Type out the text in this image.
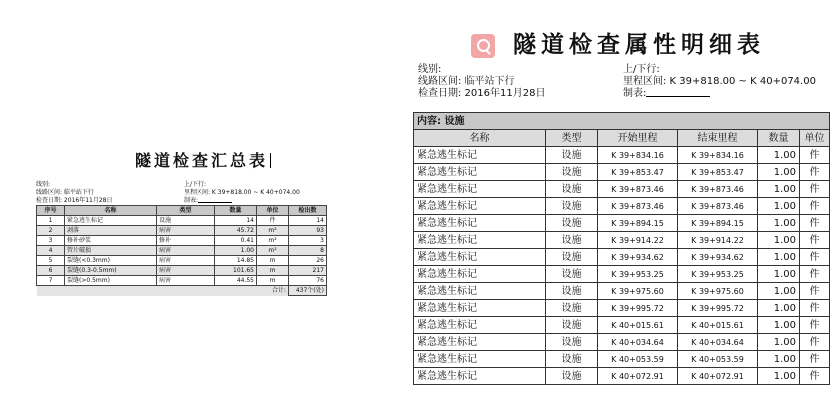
隧道检查汇总表
线别:
线路区间: 临平站下行
检查日期: 2016年11月28日
上/下行:
里程区间: K 39+818.00 ~ K 40+074.00
制表:
序号	名称	类型	数量	单位	检出数
1	紧急逃生标记	设施	14	件	14
2	剥落	病害	45.72	m²	93
3	修补砂浆	修补	0.41	m²	3
4	管片破损	病害	1.00	m²	8
5	裂缝(<0.3mm)	病害	14.85	m	26
6	裂缝(0.3-0.5mm)	病害	101.65	m	217
7	裂缝(>0.5mm)	病害	44.55	m	76
合计:					437个(处)
隧道检查属性明细表
线别:
线路区间: 临平站下行
检查日期: 2016年11月28日
上/下行:
里程区间: K 39+818.00 ~ K 40+074.00
制表:
内容: 设施					
名称	类型	开始里程	结束里程	数量	单位
紧急逃生标记	设施	K 39+834.16	K 39+834.16	1.00	件
紧急逃生标记	设施	K 39+853.47	K 39+853.47	1.00	件
紧急逃生标记	设施	K 39+873.46	K 39+873.46	1.00	件
紧急逃生标记	设施	K 39+873.46	K 39+873.46	1.00	件
紧急逃生标记	设施	K 39+894.15	K 39+894.15	1.00	件
紧急逃生标记	设施	K 39+914.22	K 39+914.22	1.00	件
紧急逃生标记	设施	K 39+934.62	K 39+934.62	1.00	件
紧急逃生标记	设施	K 39+953.25	K 39+953.25	1.00	件
紧急逃生标记	设施	K 39+975.60	K 39+975.60	1.00	件
紧急逃生标记	设施	K 39+995.72	K 39+995.72	1.00	件
紧急逃生标记	设施	K 40+015.61	K 40+015.61	1.00	件
紧急逃生标记	设施	K 40+034.64	K 40+034.64	1.00	件
紧急逃生标记	设施	K 40+053.59	K 40+053.59	1.00	件
紧急逃生标记	设施	K 40+072.91	K 40+072.91	1.00	件
